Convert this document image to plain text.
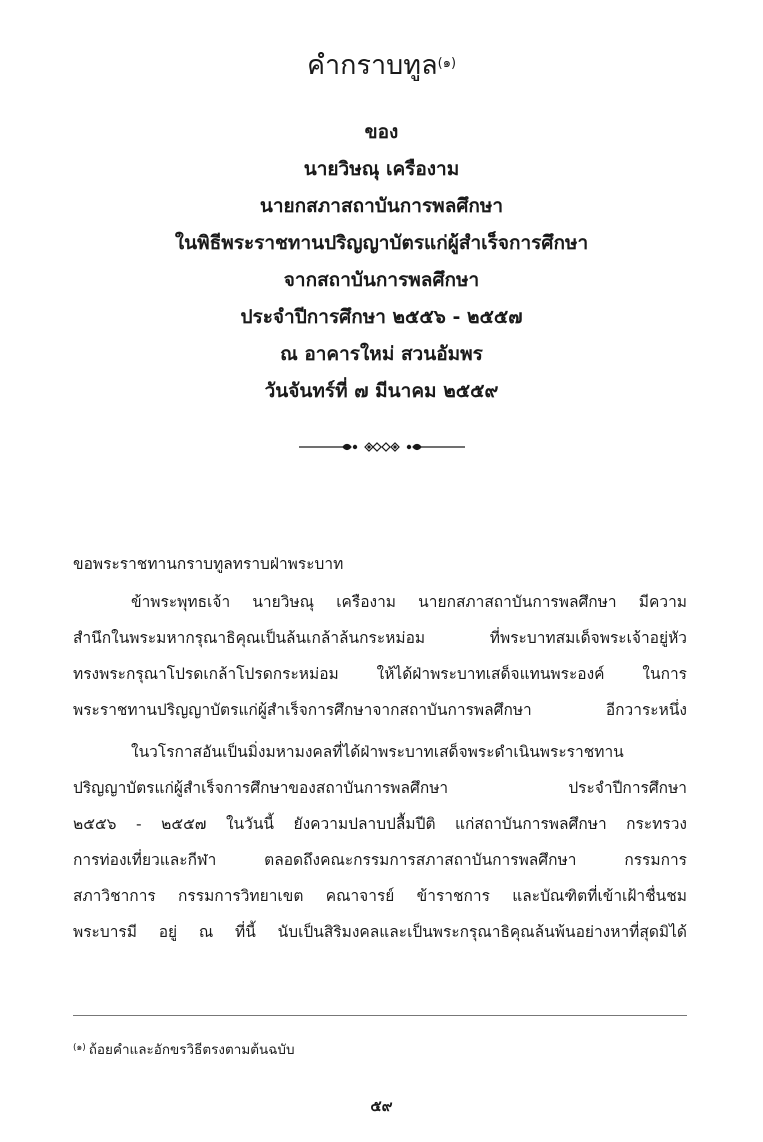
คำกราบทูล$^{(๑)}$
ของ
นายวิษณุ เครืองาม
นายกสภาสถาบันการพลศึกษา
ในพิธีพระราชทานปริญญาบัตรแก่ผู้สำเร็จการศึกษา
จากสถาบันการพลศึกษา
ประจำปีการศึกษา ๒๕๕๖ - ๒๕๕๗
ณ อาคารใหม่ สวนอัมพร
วันจันทร์ที่ ๗ มีนาคม ๒๕๕๙
ขอพระราชทานกราบทูลทราบฝ่าพระบาท
ข้าพระพุทธเจ้า นายวิษณุ เครืองาม นายกสภาสถาบันการพลศึกษา มีความ
สำนึกในพระมหากรุณาธิคุณเป็นล้นเกล้าล้นกระหม่อม ที่พระบาทสมเด็จพระเจ้าอยู่หัว
ทรงพระกรุณาโปรดเกล้าโปรดกระหม่อม ให้ได้ฝ่าพระบาทเสด็จแทนพระองค์ ในการ
พระราชทานปริญญาบัตรแก่ผู้สำเร็จการศึกษาจากสถาบันการพลศึกษา อีกวาระหนึ่ง
ในวโรกาสอันเป็นมิ่งมหามงคลที่ได้ฝ่าพระบาทเสด็จพระดำเนินพระราชทาน
ปริญญาบัตรแก่ผู้สำเร็จการศึกษาของสถาบันการพลศึกษา ประจำปีการศึกษา
๒๕๕๖ - ๒๕๕๗ ในวันนี้ ยังความปลาบปลื้มปีติ แก่สถาบันการพลศึกษา กระทรวง
การท่องเที่ยวและกีฬา ตลอดถึงคณะกรรมการสภาสถาบันการพลศึกษา กรรมการ
สภาวิชาการ กรรมการวิทยาเขต คณาจารย์ ข้าราชการ และบัณฑิตที่เข้าเฝ้าชื่นชม
พระบารมี อยู่ ณ ที่นี้ นับเป็นสิริมงคลและเป็นพระกรุณาธิคุณล้นพ้นอย่างหาที่สุดมิได้
$^{(๑)}$ ถ้อยคำและอักขรวิธีตรงตามต้นฉบับ
๕๙
